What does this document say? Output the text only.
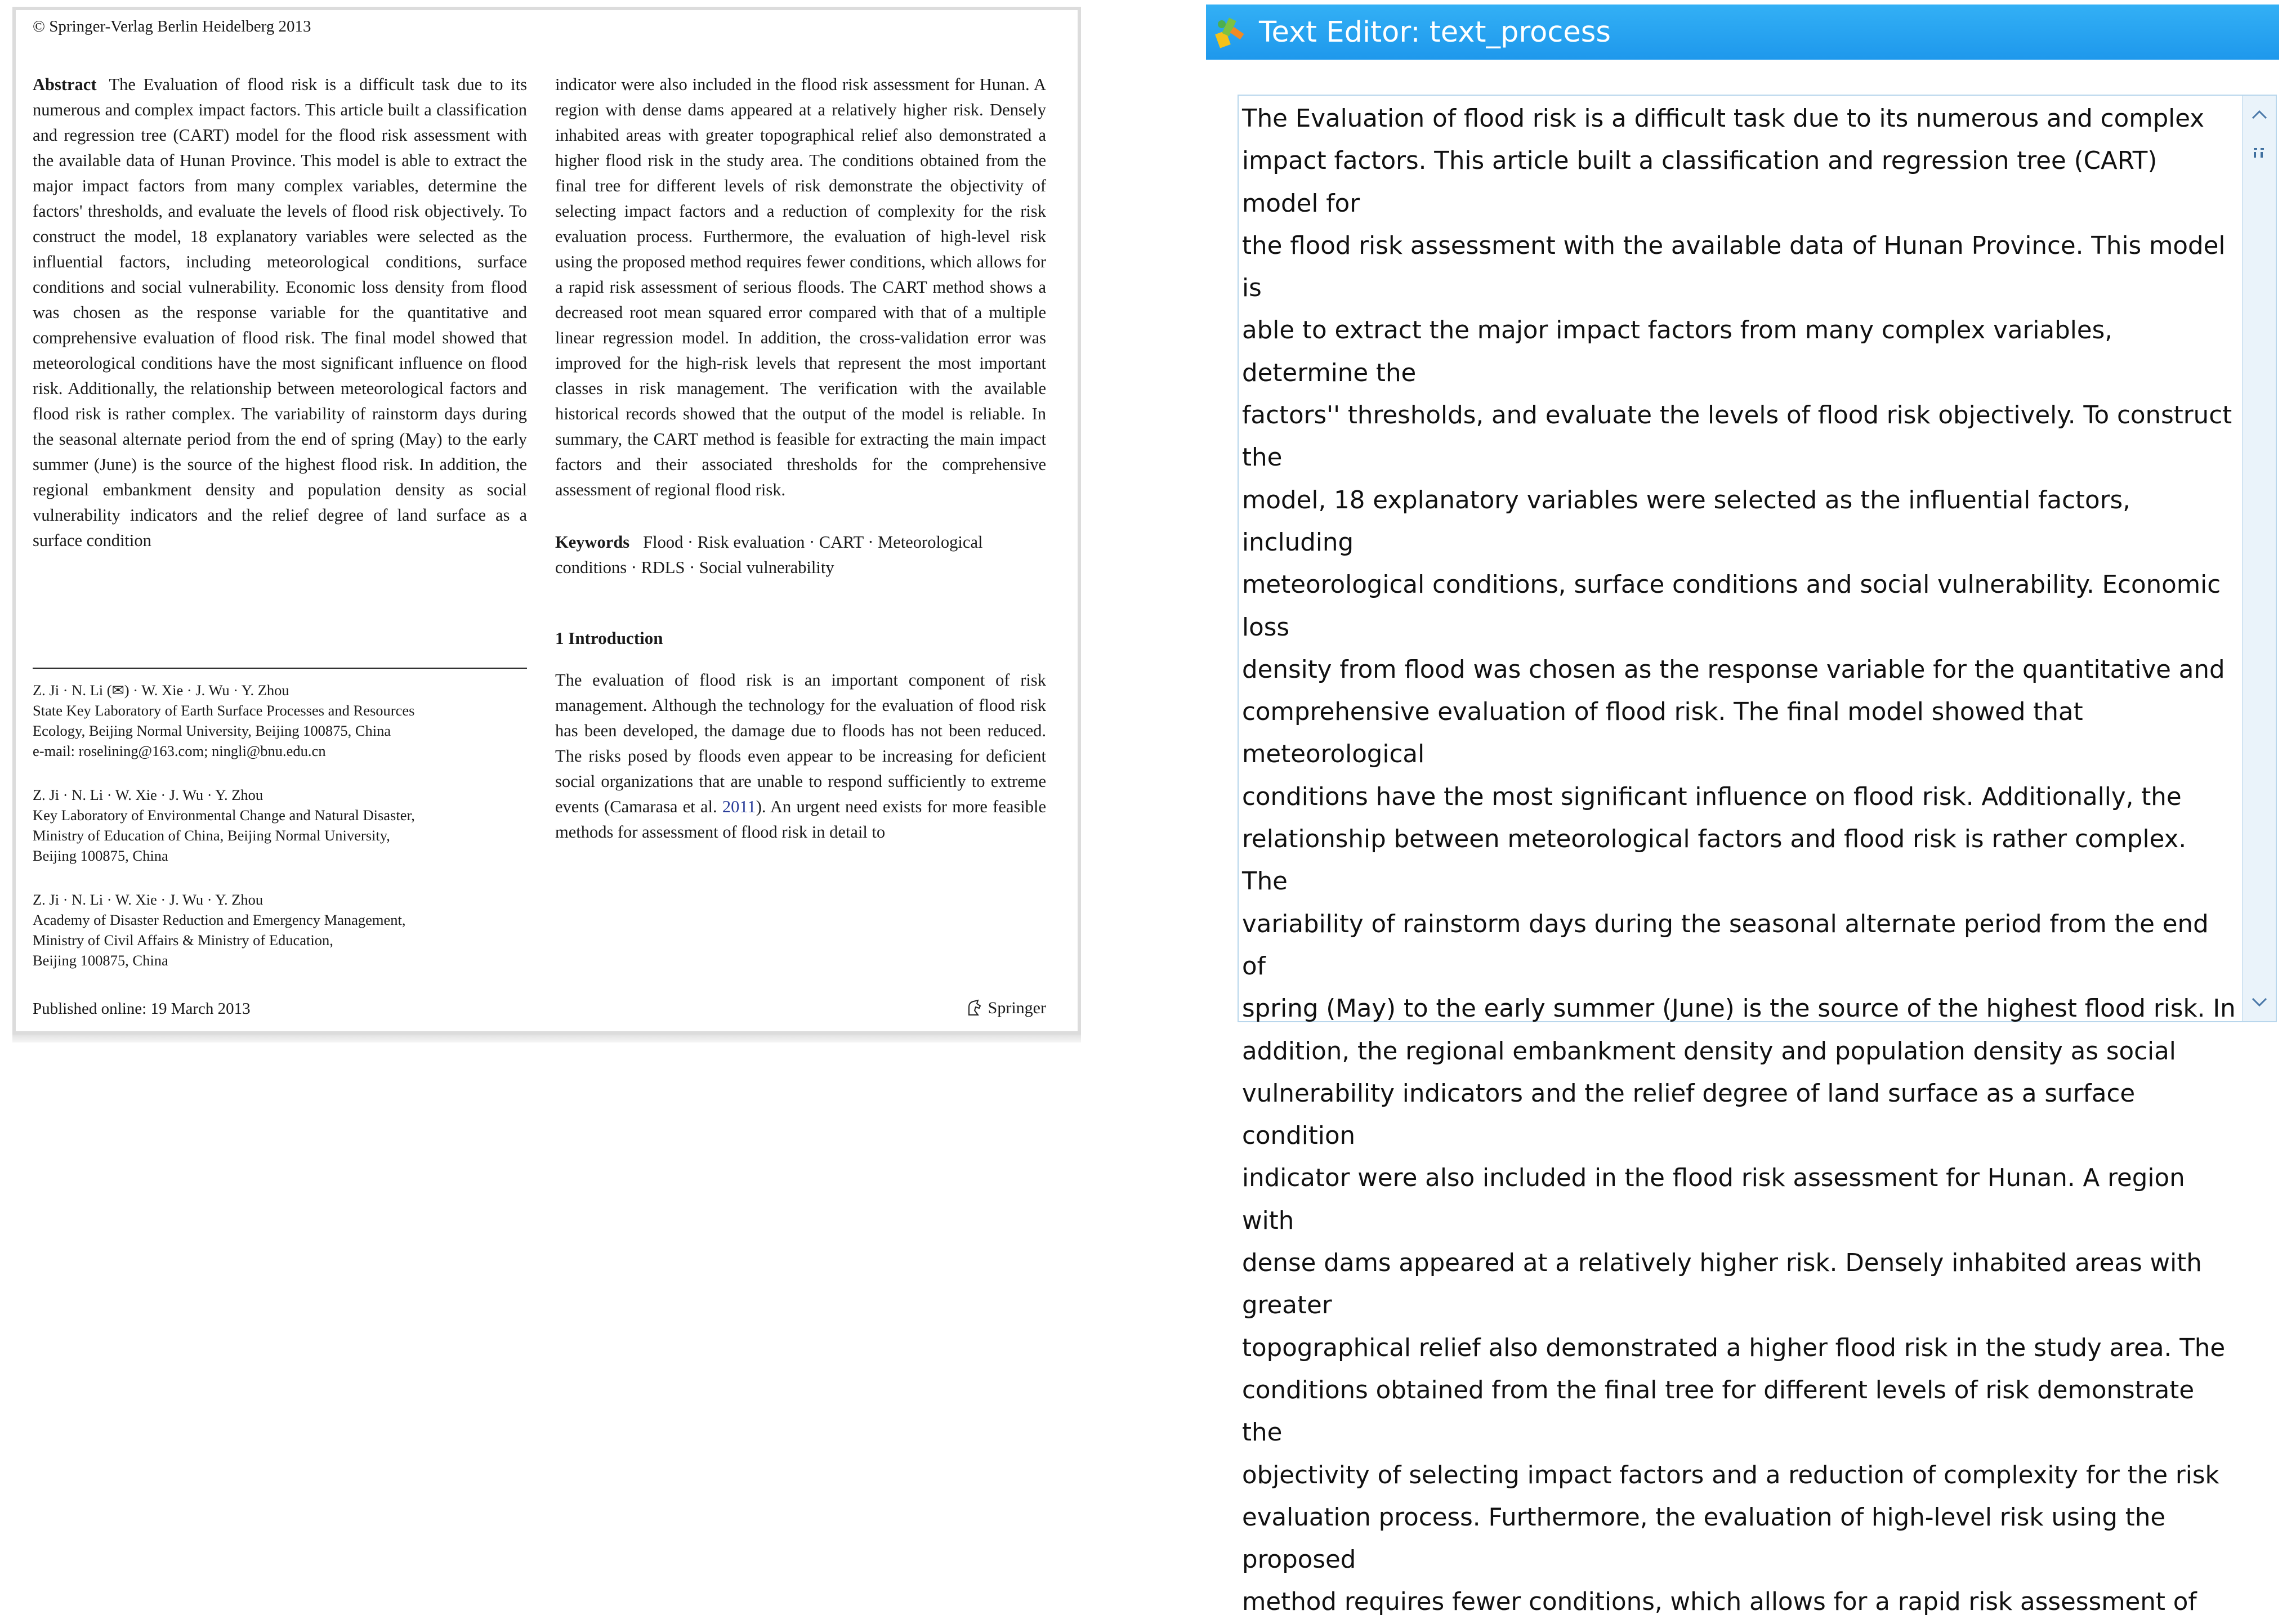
© Springer-Verlag Berlin Heidelberg 2013

Abstract The Evaluation of flood risk is a difficult task due to its numerous and complex impact factors. This article built a classification and regression tree (CART) model for the flood risk assessment with the available data of Hunan Province. This model is able to extract the major impact factors from many complex variables, determine the factors' thresholds, and evaluate the levels of flood risk objectively. To construct the model, 18 explanatory variables were selected as the influential factors, including meteorological conditions, surface conditions and social vulnerability. Economic loss density from flood was chosen as the response variable for the quantitative and comprehensive evaluation of flood risk. The final model showed that meteorological conditions have the most significant influence on flood risk. Additionally, the relationship between meteorological factors and flood risk is rather complex. The variability of rainstorm days during the seasonal alternate period from the end of spring (May) to the early summer (June) is the source of the highest flood risk. In addition, the regional embankment density and population density as social vulnerability indicators and the relief degree of land surface as a surface condition

indicator were also included in the flood risk assessment for Hunan. A region with dense dams appeared at a relatively higher risk. Densely inhabited areas with greater topographical relief also demonstrated a higher flood risk in the study area. The conditions obtained from the final tree for different levels of risk demonstrate the objectivity of selecting impact factors and a reduction of complexity for the risk evaluation process. Furthermore, the evaluation of high-level risk using the proposed method requires fewer conditions, which allows for a rapid risk assessment of serious floods. The CART method shows a decreased root mean squared error compared with that of a multiple linear regression model. In addition, the cross-validation error was improved for the high-risk levels that represent the most important classes in risk management. The verification with the available historical records showed that the output of the model is reliable. In summary, the CART method is feasible for extracting the main impact factors and their associated thresholds for the comprehensive assessment of regional flood risk.

Keywords Flood · Risk evaluation · CART · Meteorological conditions · RDLS · Social vulnerability
1 Introduction

The evaluation of flood risk is an important component of risk management. Although the technology for the evaluation of flood risk has been developed, the damage due to floods has not been reduced. The risks posed by floods even appear to be increasing for deficient social organizations that are unable to respond sufficiently to extreme events (Camarasa et al. 2011). An urgent need exists for more feasible methods for assessment of flood risk in detail to

Z. Ji · N. Li (✉) · W. Xie · J. Wu · Y. Zhou
State Key Laboratory of Earth Surface Processes and Resources
Ecology, Beijing Normal University, Beijing 100875, China
e-mail: roselining@163.com; ningli@bnu.edu.cn
Z. Ji · N. Li · W. Xie · J. Wu · Y. Zhou
Key Laboratory of Environmental Change and Natural Disaster,
Ministry of Education of China, Beijing Normal University,
Beijing 100875, China
Z. Ji · N. Li · W. Xie · J. Wu · Y. Zhou
Academy of Disaster Reduction and Emergency Management,
Ministry of Civil Affairs & Ministry of Education,
Beijing 100875, China
Published online: 19 March 2013	Springer
Text Editor: text_process
The Evaluation of flood risk is a difficult task due to its numerous and complex
impact factors. This article built a classification and regression tree (CART) model for
the flood risk assessment with the available data of Hunan Province. This model is
able to extract the major impact factors from many complex variables, determine the
factors'' thresholds, and evaluate the levels of flood risk objectively. To construct the
model, 18 explanatory variables were selected as the influential factors, including
meteorological conditions, surface conditions and social vulnerability. Economic loss
density from flood was chosen as the response variable for the quantitative and
comprehensive evaluation of flood risk. The final model showed that meteorological
conditions have the most significant influence on flood risk. Additionally, the
relationship between meteorological factors and flood risk is rather complex. The
variability of rainstorm days during the seasonal alternate period from the end of
spring (May) to the early summer (June) is the source of the highest flood risk. In
addition, the regional embankment density and population density as social
vulnerability indicators and the relief degree of land surface as a surface condition
indicator were also included in the flood risk assessment for Hunan. A region with
dense dams appeared at a relatively higher risk. Densely inhabited areas with greater
topographical relief also demonstrated a higher flood risk in the study area. The
conditions obtained from the final tree for different levels of risk demonstrate the
objectivity of selecting impact factors and a reduction of complexity for the risk
evaluation process. Furthermore, the evaluation of high-level risk using the proposed
method requires fewer conditions, which allows for a rapid risk assessment of
